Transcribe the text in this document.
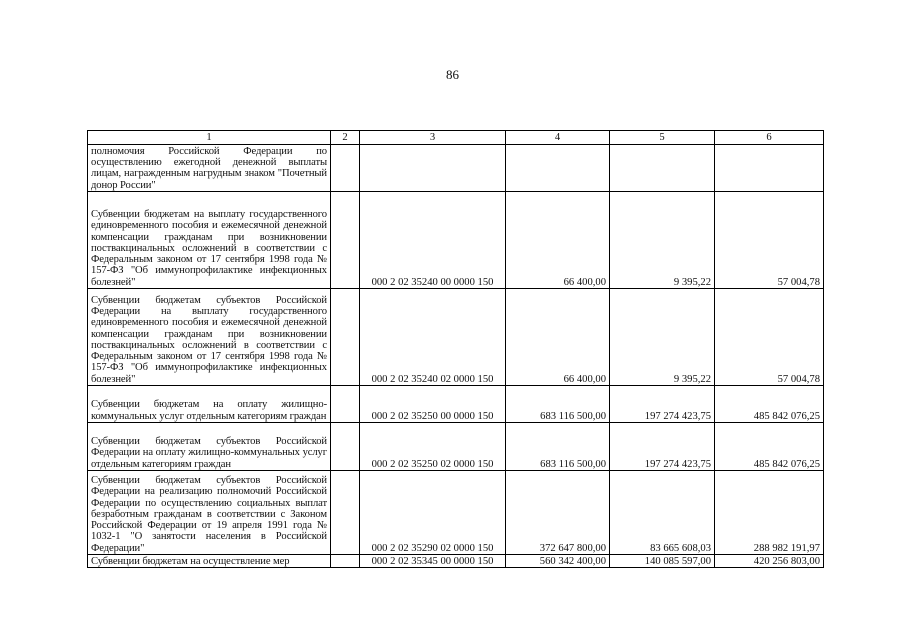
86
1	2	3	4	5	6
полномочия Российской Федерации по осуществлению ежегодной денежной выплаты лицам, награжденным нагрудным знаком "Почетный донор России"					
Субвенции бюджетам на выплату государственного единовременного пособия и ежемесячной денежной компенсации гражданам при возникновении поствакцинальных осложнений в соответствии с Федеральным законом от 17 сентября 1998 года № 157-ФЗ "Об иммунопрофилактике инфекционных болезней"		000 2 02 35240 00 0000 150	66 400,00	9 395,22	57 004,78
Субвенции бюджетам субъектов Российской Федерации на выплату государственного единовременного пособия и ежемесячной денежной компенсации гражданам при возникновении поствакцинальных осложнений в соответствии с Федеральным законом от 17 сентября 1998 года № 157-ФЗ "Об иммунопрофилактике инфекционных болезней"		000 2 02 35240 02 0000 150	66 400,00	9 395,22	57 004,78
Субвенции бюджетам на оплату жилищно-коммунальных услуг отдельным категориям граждан		000 2 02 35250 00 0000 150	683 116 500,00	197 274 423,75	485 842 076,25
Субвенции бюджетам субъектов Российской Федерации на оплату жилищно-коммунальных услуг отдельным категориям граждан		000 2 02 35250 02 0000 150	683 116 500,00	197 274 423,75	485 842 076,25
Субвенции бюджетам субъектов Российской Федерации на реализацию полномочий Российской Федерации по осуществлению социальных выплат безработным гражданам в соответствии с Законом Российской Федерации от 19 апреля 1991 года № 1032-1 "О занятости населения в Российской Федерации"		000 2 02 35290 02 0000 150	372 647 800,00	83 665 608,03	288 982 191,97
Субвенции бюджетам на осуществление мер		000 2 02 35345 00 0000 150	560 342 400,00	140 085 597,00	420 256 803,00
